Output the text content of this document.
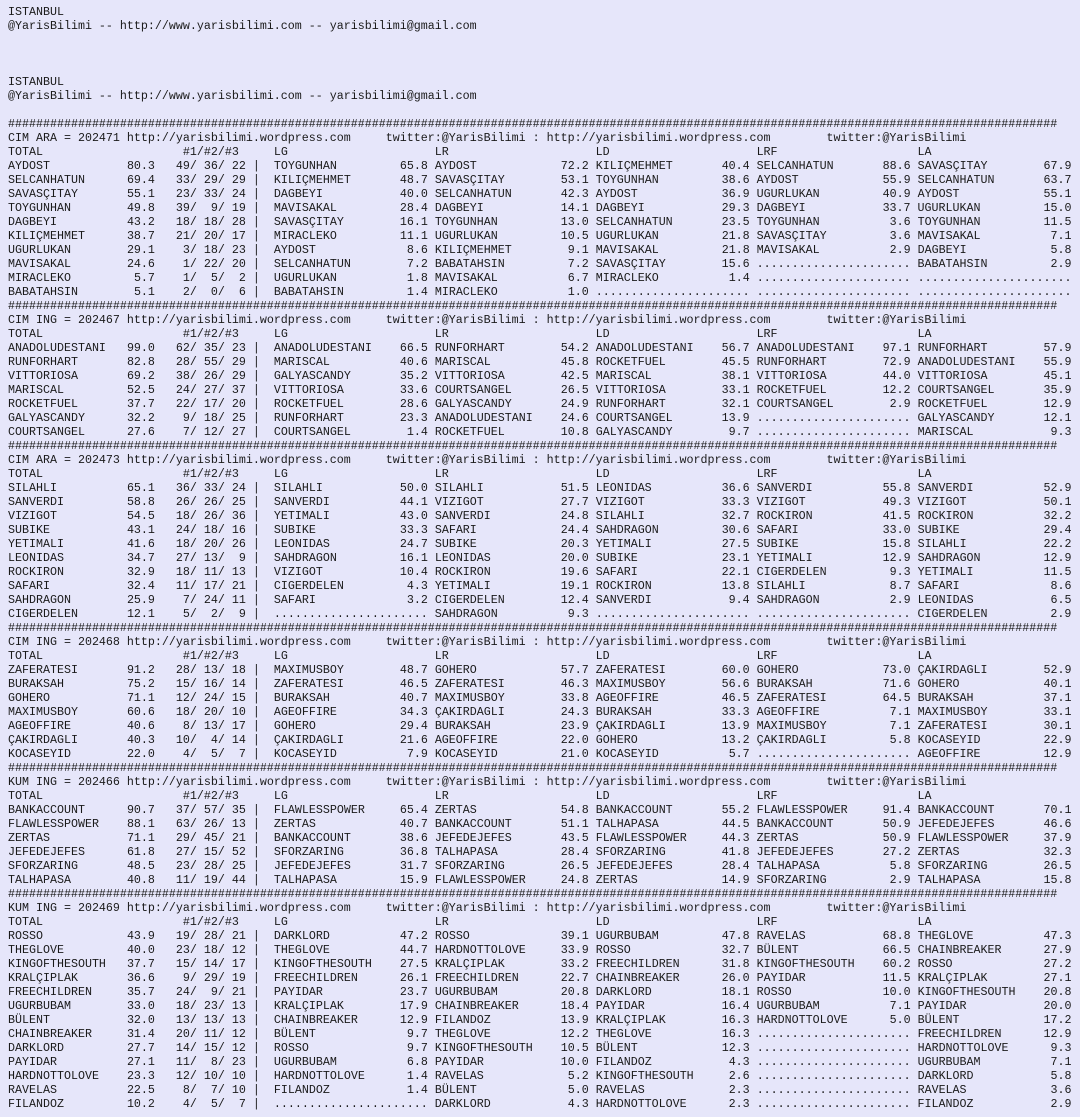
ISTANBUL
@YarisBilimi -- http://www.yarisbilimi.com -- yarisbilimi@gmail.com
ISTANBUL
@YarisBilimi -- http://www.yarisbilimi.com -- yarisbilimi@gmail.com
######################################################################################################################################################
CIM ARA = 202471 http://yarisbilimi.wordpress.com	twitter:@YarisBilimi : http://yarisbilimi.wordpress.com	twitter:@YarisBilimi
TOTAL	#1/#2/#3	LG	LR	LD	LRF	LA
AYDOST	80.3 49/ 36/ 22 |  TOYGUNHAN	65.8 AYDOST	72.2 KILIÇMEHMET	40.4 SELCANHATUN	88.6 SAVASÇITAY	67.9
SELCANHATUN	69.4 33/ 29/ 29 |  KILIÇMEHMET	48.7 SAVASÇITAY	53.1 TOYGUNHAN	38.6 AYDOST	55.9 SELCANHATUN	63.7
SAVASÇITAY	55.1 23/ 33/ 24 |  DAGBEYI	40.0 SELCANHATUN	42.3 AYDOST	36.9 UGURLUKAN	40.9 AYDOST	55.1
TOYGUNHAN	49.8 39/  9/ 19 |  MAVISAKAL	28.4 DAGBEYI	14.1 DAGBEYI	29.3 DAGBEYI	33.7 UGURLUKAN	15.0
DAGBEYI	43.2 18/ 18/ 28 |  SAVASÇITAY	16.1 TOYGUNHAN	13.0 SELCANHATUN	23.5 TOYGUNHAN	3.6 TOYGUNHAN	11.5
KILIÇMEHMET	38.7 21/ 20/ 17 |  MIRACLEKO	11.1 UGURLUKAN	10.5 UGURLUKAN	21.8 SAVASÇITAY	3.6 MAVISAKAL	7.1
UGURLUKAN	29.1 3/ 18/ 23 |  AYDOST	8.6 KILIÇMEHMET	9.1 MAVISAKAL	21.8 MAVISAKAL	2.9 DAGBEYI	5.8
MAVISAKAL	24.6 1/ 22/ 20 |  SELCANHATUN	7.2 BABATAHSIN	7.2 SAVASÇITAY	15.6 ...................... BABATAHSIN	2.9
MIRACLEKO	5.7 1/  5/  2 |  UGURLUKAN	1.8 MAVISAKAL	6.7 MIRACLEKO	1.4 ...................... ......................
BABATAHSIN	5.1 2/  0/  6 |  BABATAHSIN	1.4 MIRACLEKO	1.0 ...................... ...................... ......................
######################################################################################################################################################
CIM ING = 202467 http://yarisbilimi.wordpress.com	twitter:@YarisBilimi : http://yarisbilimi.wordpress.com	twitter:@YarisBilimi
TOTAL	#1/#2/#3	LG	LR	LD	LRF	LA
ANADOLUDESTANI 99.0 62/ 35/ 23 |  ANADOLUDESTANI 66.5 RUNFORHART	54.2 ANADOLUDESTANI 56.7 ANADOLUDESTANI 97.1 RUNFORHART	57.9
RUNFORHART	82.8 28/ 55/ 29 |  MARISCAL	40.6 MARISCAL	45.8 ROCKETFUEL	45.5 RUNFORHART	72.9 ANADOLUDESTANI 55.9
VITTORIOSA	69.2 38/ 26/ 29 |  GALYASCANDY	35.2 VITTORIOSA	42.5 MARISCAL	38.1 VITTORIOSA	44.0 VITTORIOSA	45.1
MARISCAL	52.5 24/ 27/ 37 |  VITTORIOSA	33.6 COURTSANGEL	26.5 VITTORIOSA	33.1 ROCKETFUEL	12.2 COURTSANGEL	35.9
ROCKETFUEL	37.7 22/ 17/ 20 |  ROCKETFUEL	28.6 GALYASCANDY	24.9 RUNFORHART	32.1 COURTSANGEL	2.9 ROCKETFUEL	12.9
GALYASCANDY	32.2 9/ 18/ 25 |  RUNFORHART	23.3 ANADOLUDESTANI 24.6 COURTSANGEL	13.9 ...................... GALYASCANDY	12.1
COURTSANGEL	27.6 7/ 12/ 27 |  COURTSANGEL	1.4 ROCKETFUEL	10.8 GALYASCANDY	9.7 ...................... MARISCAL	9.3
######################################################################################################################################################
CIM ARA = 202473 http://yarisbilimi.wordpress.com	twitter:@YarisBilimi : http://yarisbilimi.wordpress.com	twitter:@YarisBilimi
TOTAL	#1/#2/#3	LG	LR	LD	LRF	LA
SILAHLI	65.1 36/ 33/ 24 |  SILAHLI	50.0 SILAHLI	51.5 LEONIDAS	36.6 SANVERDI	55.8 SANVERDI	52.9
SANVERDI	58.8 26/ 26/ 25 |  SANVERDI	44.1 VIZIGOT	27.7 VIZIGOT	33.3 VIZIGOT	49.3 VIZIGOT	50.1
VIZIGOT	54.5 18/ 26/ 36 |  YETIMALI	43.0 SANVERDI	24.8 SILAHLI	32.7 ROCKIRON	41.5 ROCKIRON	32.2
SUBIKE	43.1 24/ 18/ 16 |  SUBIKE	33.3 SAFARI	24.4 SAHDRAGON	30.6 SAFARI	33.0 SUBIKE	29.4
YETIMALI	41.6 18/ 20/ 26 |  LEONIDAS	24.7 SUBIKE	20.3 YETIMALI	27.5 SUBIKE	15.8 SILAHLI	22.2
LEONIDAS	34.7 27/ 13/  9 |  SAHDRAGON	16.1 LEONIDAS	20.0 SUBIKE	23.1 YETIMALI	12.9 SAHDRAGON	12.9
ROCKIRON	32.9 18/ 11/ 13 |  VIZIGOT	10.4 ROCKIRON	19.6 SAFARI	22.1 CIGERDELEN	9.3 YETIMALI	11.5
SAFARI	32.4 11/ 17/ 21 |  CIGERDELEN	4.3 YETIMALI	19.1 ROCKIRON	13.8 SILAHLI	8.7 SAFARI	8.6
SAHDRAGON	25.9 7/ 24/ 11 |  SAFARI	3.2 CIGERDELEN	12.4 SANVERDI	9.4 SAHDRAGON	2.9 LEONIDAS	6.5
CIGERDELEN	12.1 5/  2/  9 |  ...................... SAHDRAGON	9.3 ...................... ...................... CIGERDELEN	2.9
######################################################################################################################################################
CIM ING = 202468 http://yarisbilimi.wordpress.com	twitter:@YarisBilimi : http://yarisbilimi.wordpress.com	twitter:@YarisBilimi
TOTAL	#1/#2/#3	LG	LR	LD	LRF	LA
ZAFERATESI	91.2 28/ 13/ 18 |  MAXIMUSBOY	48.7 GOHERO	57.7 ZAFERATESI	60.0 GOHERO	73.0 ÇAKIRDAGLI	52.9
BURAKSAH	75.2 15/ 16/ 14 |  ZAFERATESI	46.5 ZAFERATESI	46.3 MAXIMUSBOY	56.6 BURAKSAH	71.6 GOHERO	40.1
GOHERO	71.1 12/ 24/ 15 |  BURAKSAH	40.7 MAXIMUSBOY	33.8 AGEOFFIRE	46.5 ZAFERATESI	64.5 BURAKSAH	37.1
MAXIMUSBOY	60.6 18/ 20/ 10 |  AGEOFFIRE	34.3 ÇAKIRDAGLI	24.3 BURAKSAH	33.3 AGEOFFIRE	7.1 MAXIMUSBOY	33.1
AGEOFFIRE	40.6 8/ 13/ 17 |  GOHERO	29.4 BURAKSAH	23.9 ÇAKIRDAGLI	13.9 MAXIMUSBOY	7.1 ZAFERATESI	30.1
ÇAKIRDAGLI	40.3 10/  4/ 14 |  ÇAKIRDAGLI	21.6 AGEOFFIRE	22.0 GOHERO	13.2 ÇAKIRDAGLI	5.8 KOCASEYID	22.9
KOCASEYID	22.0 4/  5/  7 |  KOCASEYID	7.9 KOCASEYID	21.0 KOCASEYID	5.7 ...................... AGEOFFIRE	12.9
######################################################################################################################################################
KUM ING = 202466 http://yarisbilimi.wordpress.com	twitter:@YarisBilimi : http://yarisbilimi.wordpress.com	twitter:@YarisBilimi
TOTAL	#1/#2/#3	LG	LR	LD	LRF	LA
BANKACCOUNT	90.7 37/ 57/ 35 |  FLAWLESSPOWER	65.4 ZERTAS	54.8 BANKACCOUNT	55.2 FLAWLESSPOWER	91.4 BANKACCOUNT	70.1
FLAWLESSPOWER 88.1 63/ 26/ 13 |  ZERTAS	40.7 BANKACCOUNT	51.1 TALHAPASA	44.5 BANKACCOUNT	50.9 JEFEDEJEFES	46.6
ZERTAS	71.1 29/ 45/ 21 |  BANKACCOUNT	38.6 JEFEDEJEFES	43.5 FLAWLESSPOWER	44.3 ZERTAS	50.9 FLAWLESSPOWER	37.9
JEFEDEJEFES	61.8 27/ 15/ 52 |  SFORZARING	36.8 TALHAPASA	28.4 SFORZARING	41.8 JEFEDEJEFES	27.2 ZERTAS	32.3
SFORZARING	48.5 23/ 28/ 25 |  JEFEDEJEFES	31.7 SFORZARING	26.5 JEFEDEJEFES	28.4 TALHAPASA	5.8 SFORZARING	26.5
TALHAPASA	40.8 11/ 19/ 44 |  TALHAPASA	15.9 FLAWLESSPOWER	24.8 ZERTAS	14.9 SFORZARING	2.9 TALHAPASA	15.8
######################################################################################################################################################
KUM ING = 202469 http://yarisbilimi.wordpress.com	twitter:@YarisBilimi : http://yarisbilimi.wordpress.com	twitter:@YarisBilimi
TOTAL	#1/#2/#3	LG	LR	LD	LRF	LA
ROSSO	43.9 19/ 28/ 21 |  DARKLORD	47.2 ROSSO	39.1 UGURBUBAM	47.8 RAVELAS	68.8 THEGLOVE	47.3
THEGLOVE	40.0 23/ 18/ 12 |  THEGLOVE	44.7 HARDNOTTOLOVE	33.9 ROSSO	32.7 BÜLENT	66.5 CHAINBREAKER	27.9
KINGOFTHESOUTH 37.7 15/ 14/ 17 |  KINGOFTHESOUTH 27.5 KRALÇIPLAK	33.2 FREECHILDREN	31.8 KINGOFTHESOUTH 60.2 ROSSO	27.2
KRALÇIPLAK	36.6 9/ 29/ 19 |  FREECHILDREN	26.1 FREECHILDREN	22.7 CHAINBREAKER	26.0 PAYIDAR	11.5 KRALÇIPLAK	27.1
FREECHILDREN	35.7 24/  9/ 21 |  PAYIDAR	23.7 UGURBUBAM	20.8 DARKLORD	18.1 ROSSO	10.0 KINGOFTHESOUTH 20.8
UGURBUBAM	33.0 18/ 23/ 13 |  KRALÇIPLAK	17.9 CHAINBREAKER	18.4 PAYIDAR	16.4 UGURBUBAM	7.1 PAYIDAR	20.0
BÜLENT	32.0 13/ 13/ 13 |  CHAINBREAKER	12.9 FILANDOZ	13.9 KRALÇIPLAK	16.3 HARDNOTTOLOVE	5.0 BÜLENT	17.2
CHAINBREAKER	31.4 20/ 11/ 12 |  BÜLENT	9.7 THEGLOVE	12.2 THEGLOVE	16.3 ...................... FREECHILDREN	12.9
DARKLORD	27.7 14/ 15/ 12 |  ROSSO	9.7 KINGOFTHESOUTH 10.5 BÜLENT	12.3 ...................... HARDNOTTOLOVE	9.3
PAYIDAR	27.1 11/  8/ 23 |  UGURBUBAM	6.8 PAYIDAR	10.0 FILANDOZ	4.3 ...................... UGURBUBAM	7.1
HARDNOTTOLOVE 23.3 12/ 10/ 10 |  HARDNOTTOLOVE	1.4 RAVELAS	5.2 KINGOFTHESOUTH	2.6 ...................... DARKLORD	5.8
RAVELAS	22.5 8/  7/ 10 |  FILANDOZ	1.4 BÜLENT	5.0 RAVELAS	2.3 ...................... RAVELAS	3.6
FILANDOZ	10.2 4/  5/  7 |  ...................... DARKLORD	4.3 HARDNOTTOLOVE	2.3 ...................... FILANDOZ	2.9
